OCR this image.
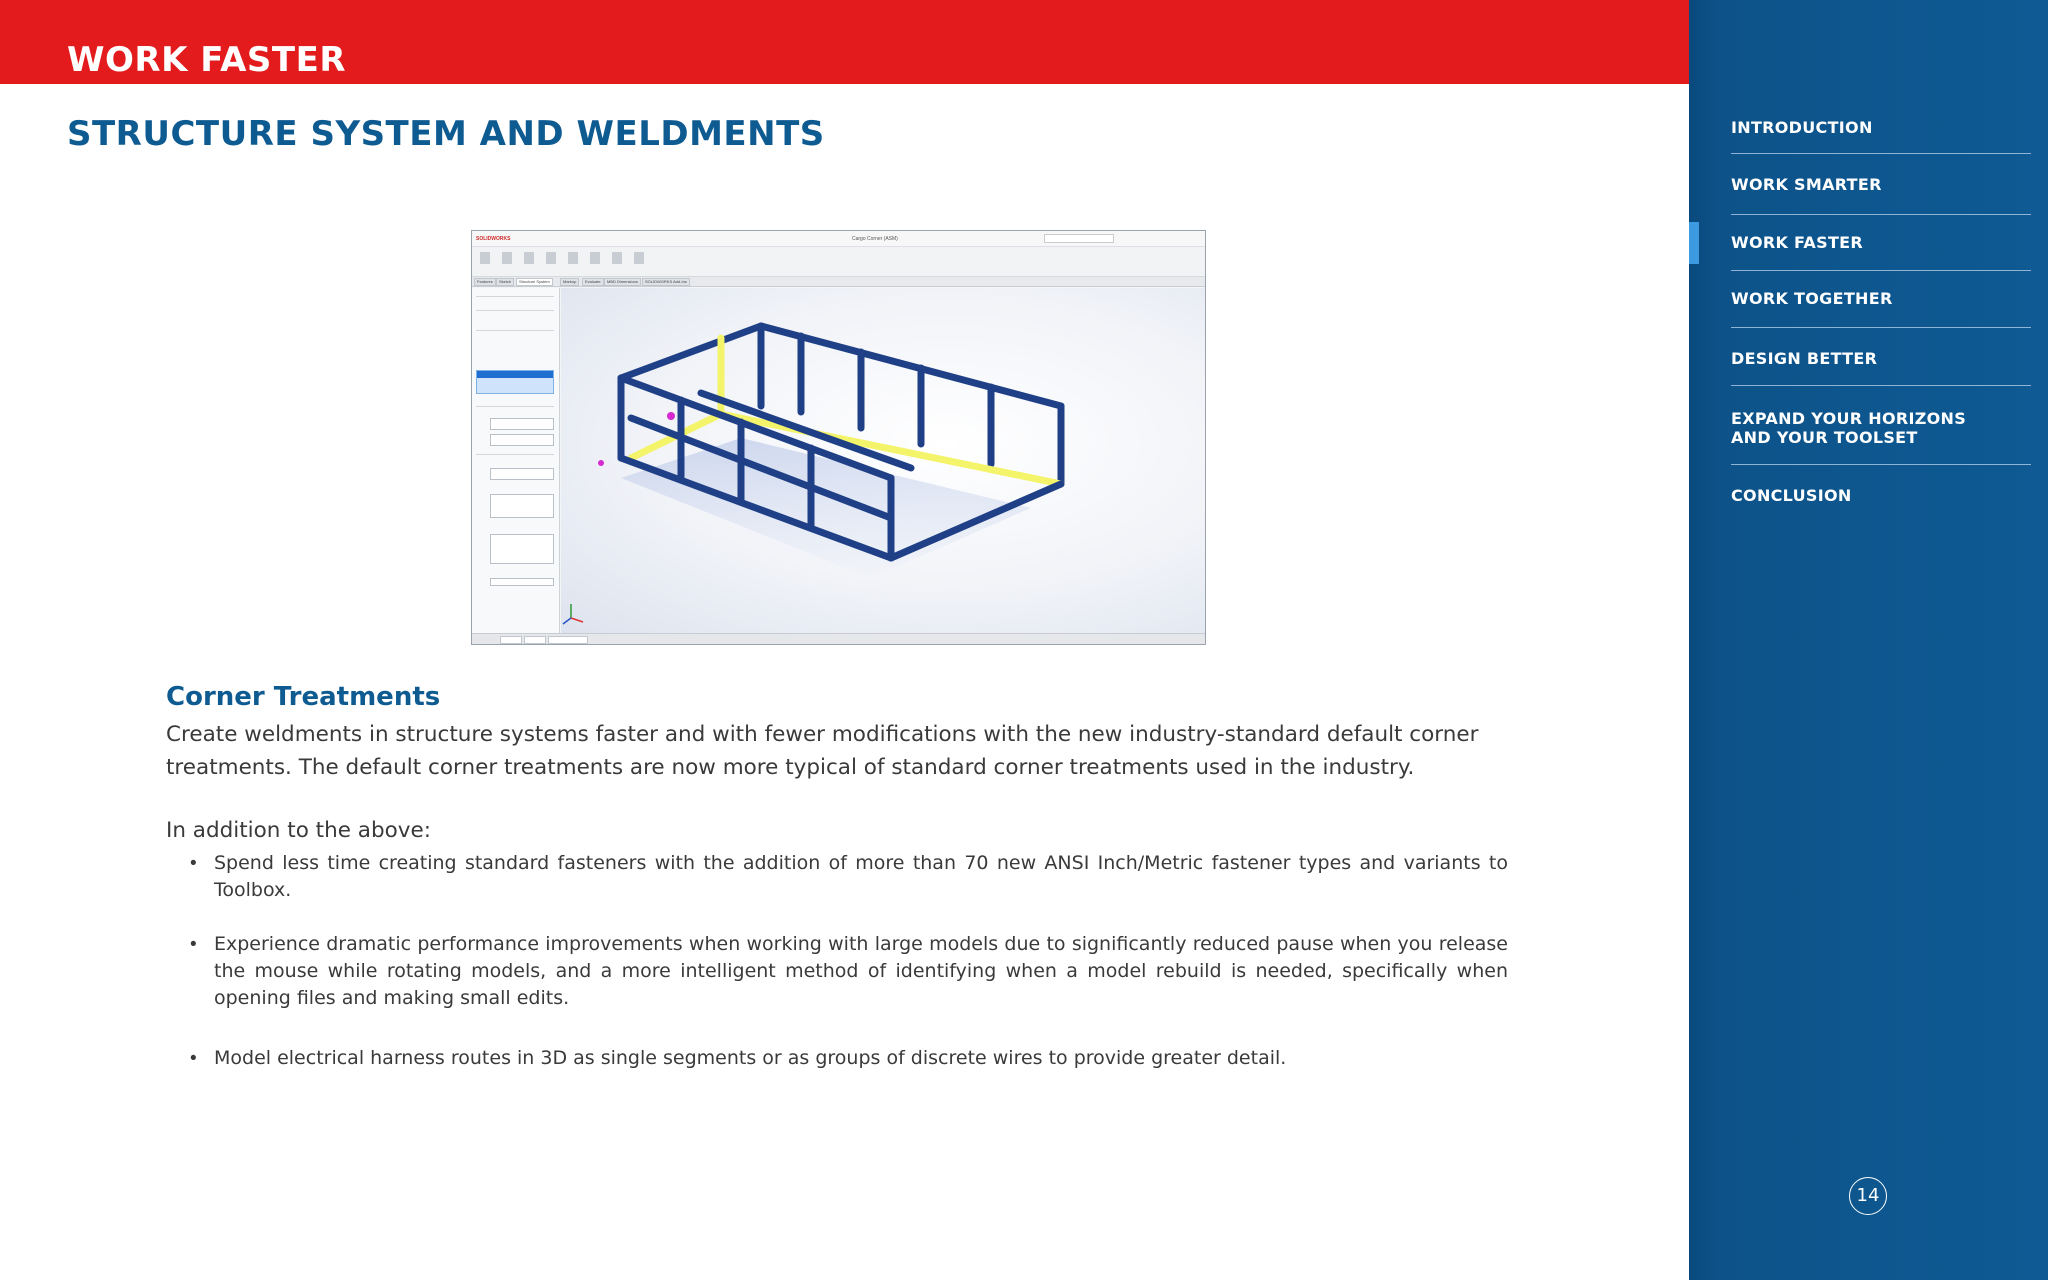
WORK FASTER
STRUCTURE SYSTEM AND WELDMENTS
SOLIDWORKS	Cargo Corner (ASM)
Features	Sketch	Structure System	Markup	Evaluate	MBD Dimensions	SOLIDWORKS Add-Ins
Corner Treatments
Create weldments in structure systems faster and with fewer modifications with the new industry-standard default corner treatments. The default corner treatments are now more typical of standard corner treatments used in the industry.
In addition to the above:
• Spend less time creating standard fasteners with the addition of more than 70 new ANSI Inch/Metric fastener types and variants to Toolbox.
• Experience dramatic performance improvements when working with large models due to significantly reduced pause when you release the mouse while rotating models, and a more intelligent method of identifying when a model rebuild is needed, specifically when opening files and making small edits.
• Model electrical harness routes in 3D as single segments or as groups of discrete wires to provide greater detail.
INTRODUCTION
WORK SMARTER
WORK FASTER
WORK TOGETHER
DESIGN BETTER
EXPAND YOUR HORIZONS AND YOUR TOOLSET
CONCLUSION
14
